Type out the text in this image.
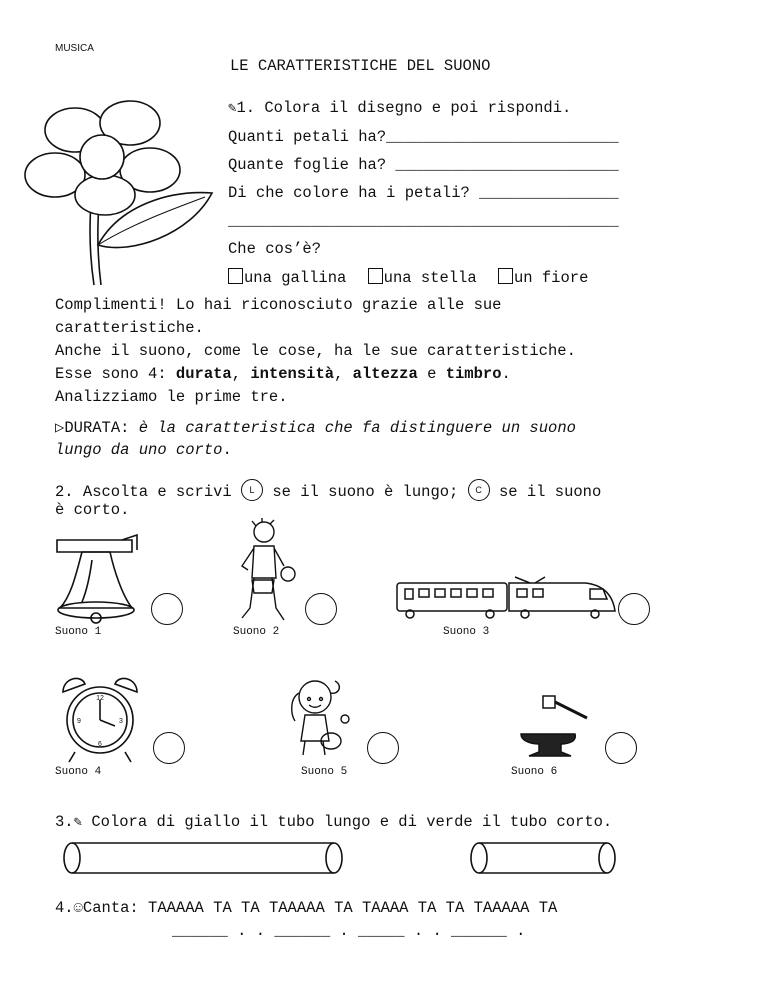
MUSICA
LE CARATTERISTICHE DEL SUONO
✎1. Colora il disegno e poi rispondi.
Quanti petali ha?_________________________
Quante foglie ha? ________________________
Di che colore ha i petali? _______________
__________________________________________
Che cos’è?
una gallina una stella un fiore
Complimenti! Lo hai riconosciuto grazie alle sue
caratteristiche.
Anche il suono, come le cose, ha le sue caratteristiche.
Esse sono 4: durata, intensità, altezza e timbro.
Analizziamo le prime tre.
▷DURATA: è la caratteristica che fa distinguere un suono
lungo da uno corto.
2. Ascolta e scrivi L se il suono è lungo; C se il suono
è corto.
Suono 1	Suono 2	Suono 3
12
3
6
9
Suono 4	Suono 5	Suono 6
3.✎ Colora di giallo il tubo lungo e di verde il tubo corto.
4.☺Canta: TAAAAA TA TA TAAAAA TA TAAAA TA TA TAAAAA TA
______ . . ______ . _____ . . ______ .
